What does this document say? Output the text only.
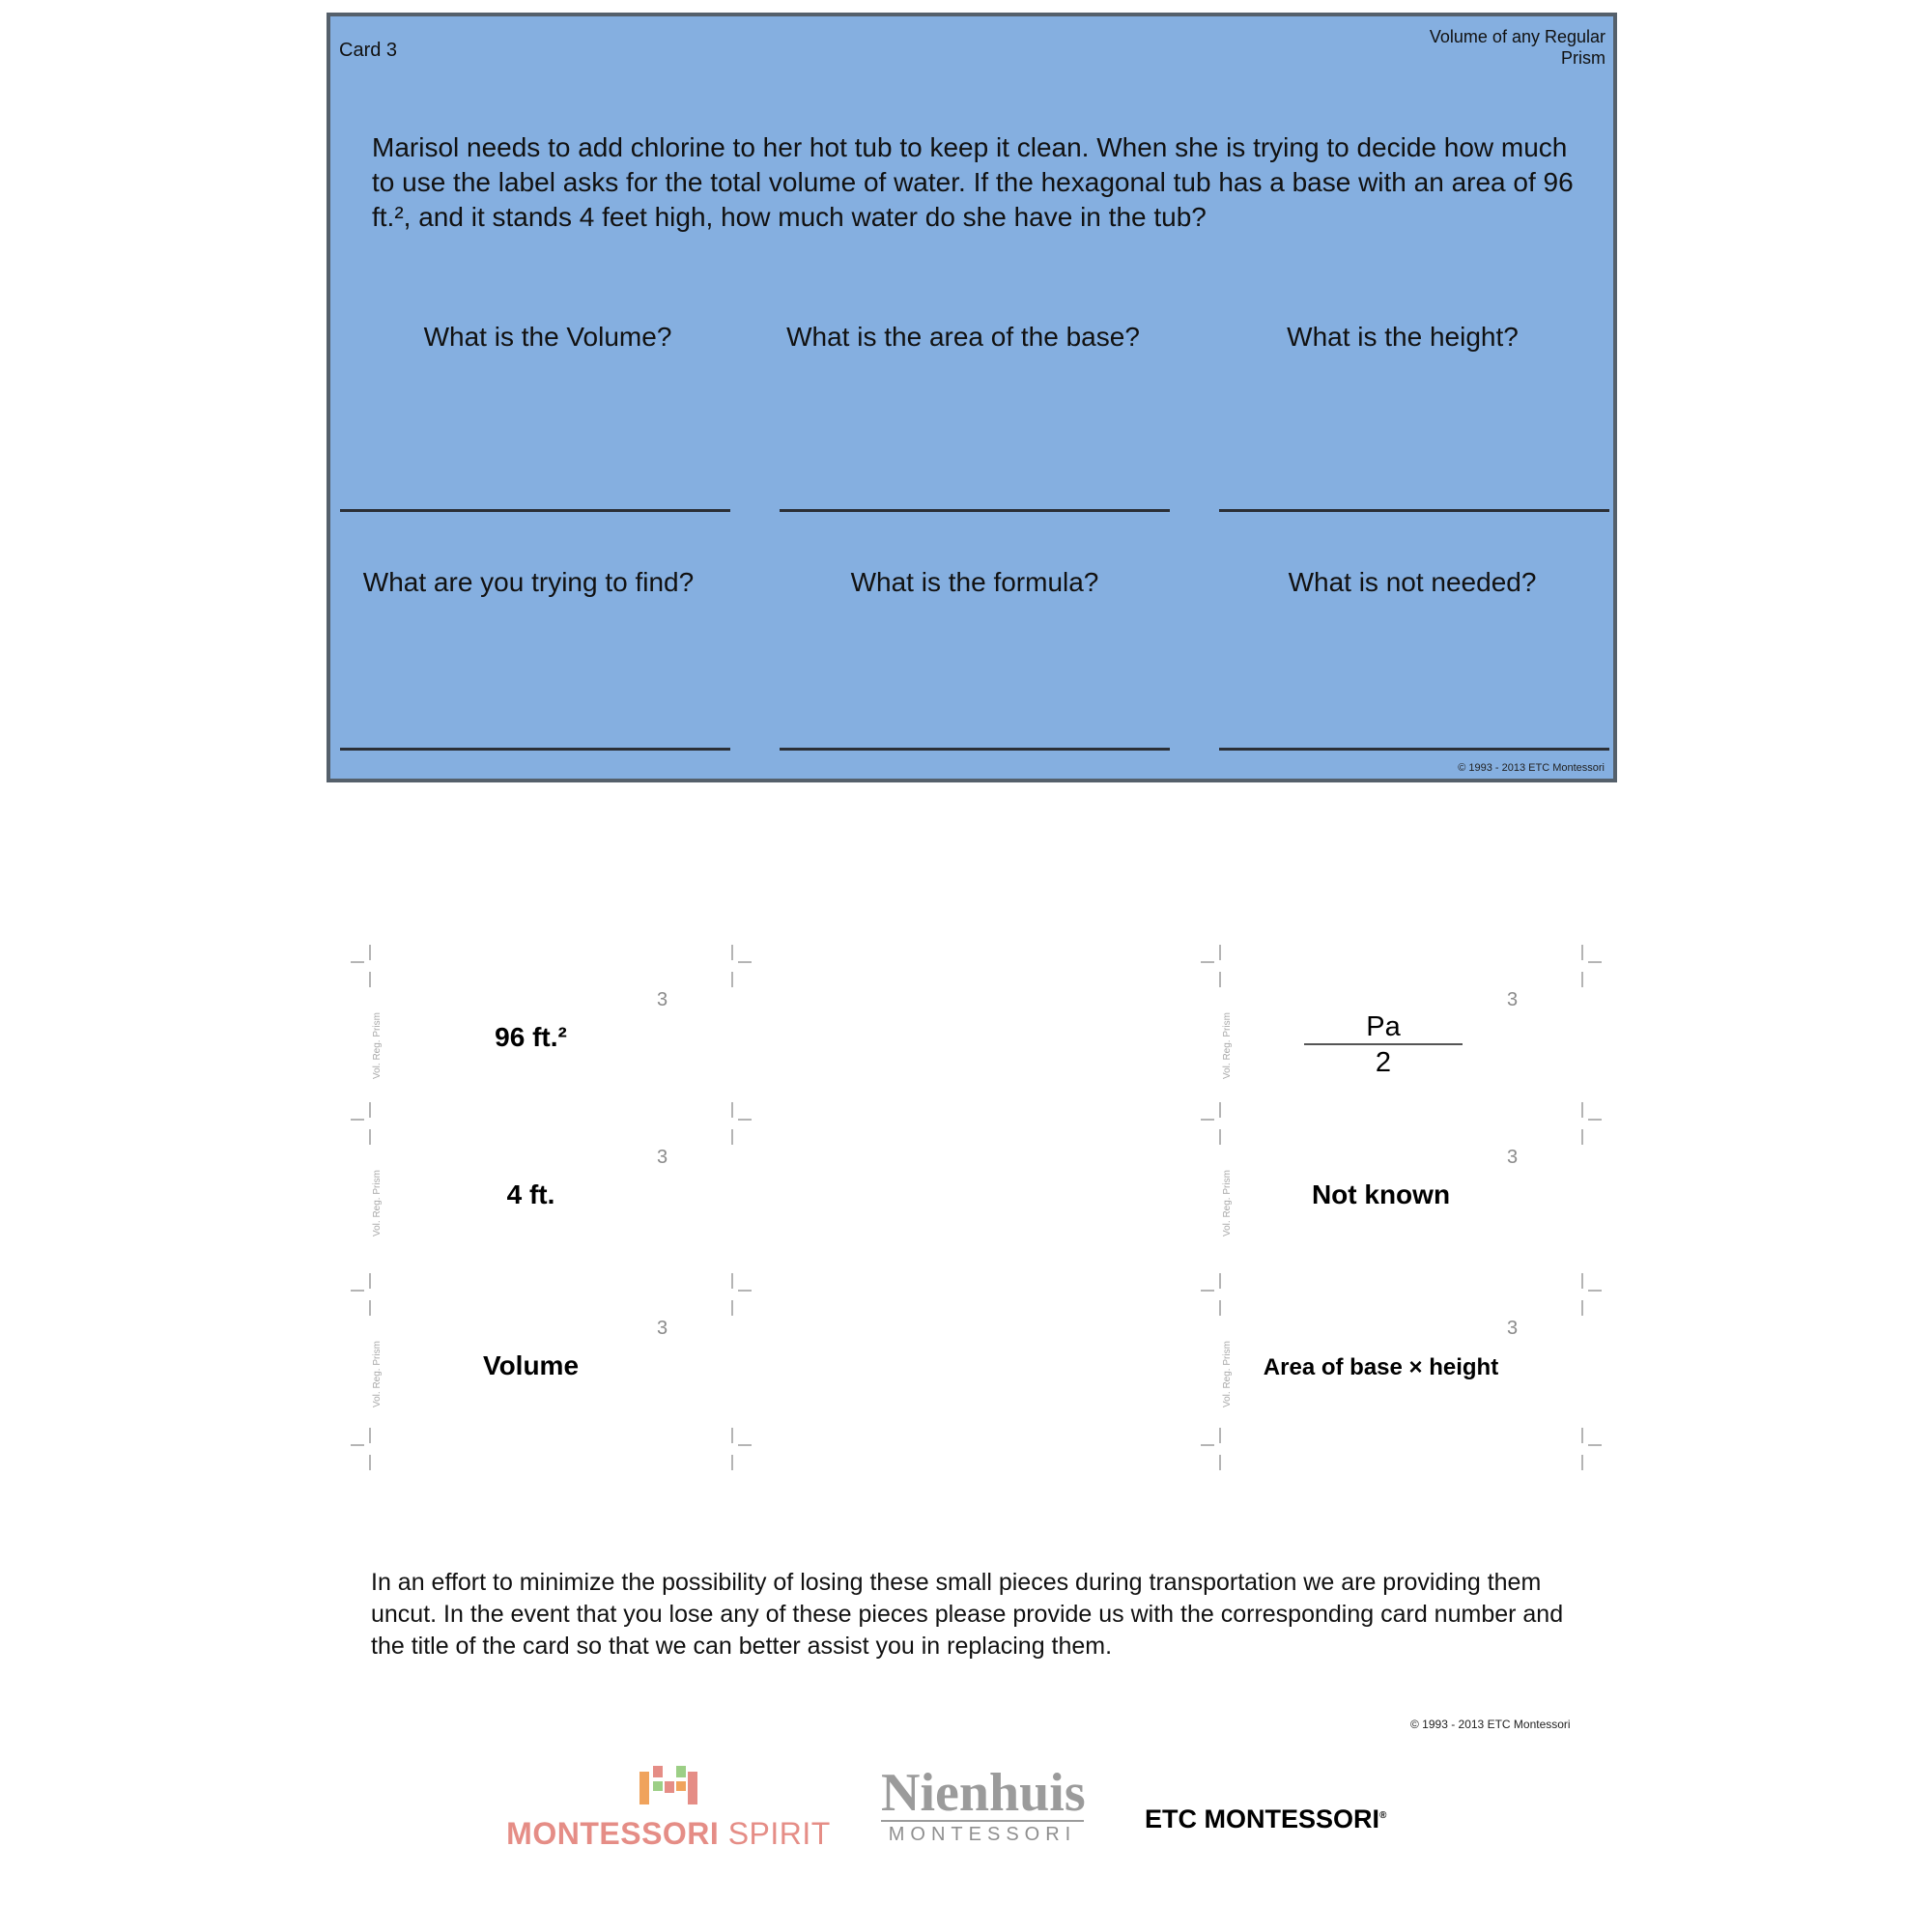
Card 3
Volume of any Regular
Prism
Marisol needs to add chlorine to her hot tub to keep it clean. When she is trying to decide how much to use the label asks for the total volume of water. If the hexagonal tub has a base with an area of 96 ft.², and it stands 4 feet high, how much water do she have in the tub?
What is the Volume?	What is the area of the base?	What is the height?
What are you trying to find?	What is the formula?	What is not needed?
© 1993 - 2013 ETC Montessori
Vol. Reg. Prism
3
96 ft.²
Vol. Reg. Prism
3
4 ft.
Vol. Reg. Prism
3
Volume
Vol. Reg. Prism
3
Pa
2
Vol. Reg. Prism
3
Not known
Vol. Reg. Prism
3
Area of base × height
In an effort to minimize the possibility of losing these small pieces during transportation we are providing them uncut. In the event that you lose any of these pieces please provide us with the corresponding card number and the title of the card so that we can better assist you in replacing them.
© 1993 - 2013 ETC Montessori
MONTESSORI SPIRIT
Nienhuis
MONTESSORI
ETC MONTESSORI®
